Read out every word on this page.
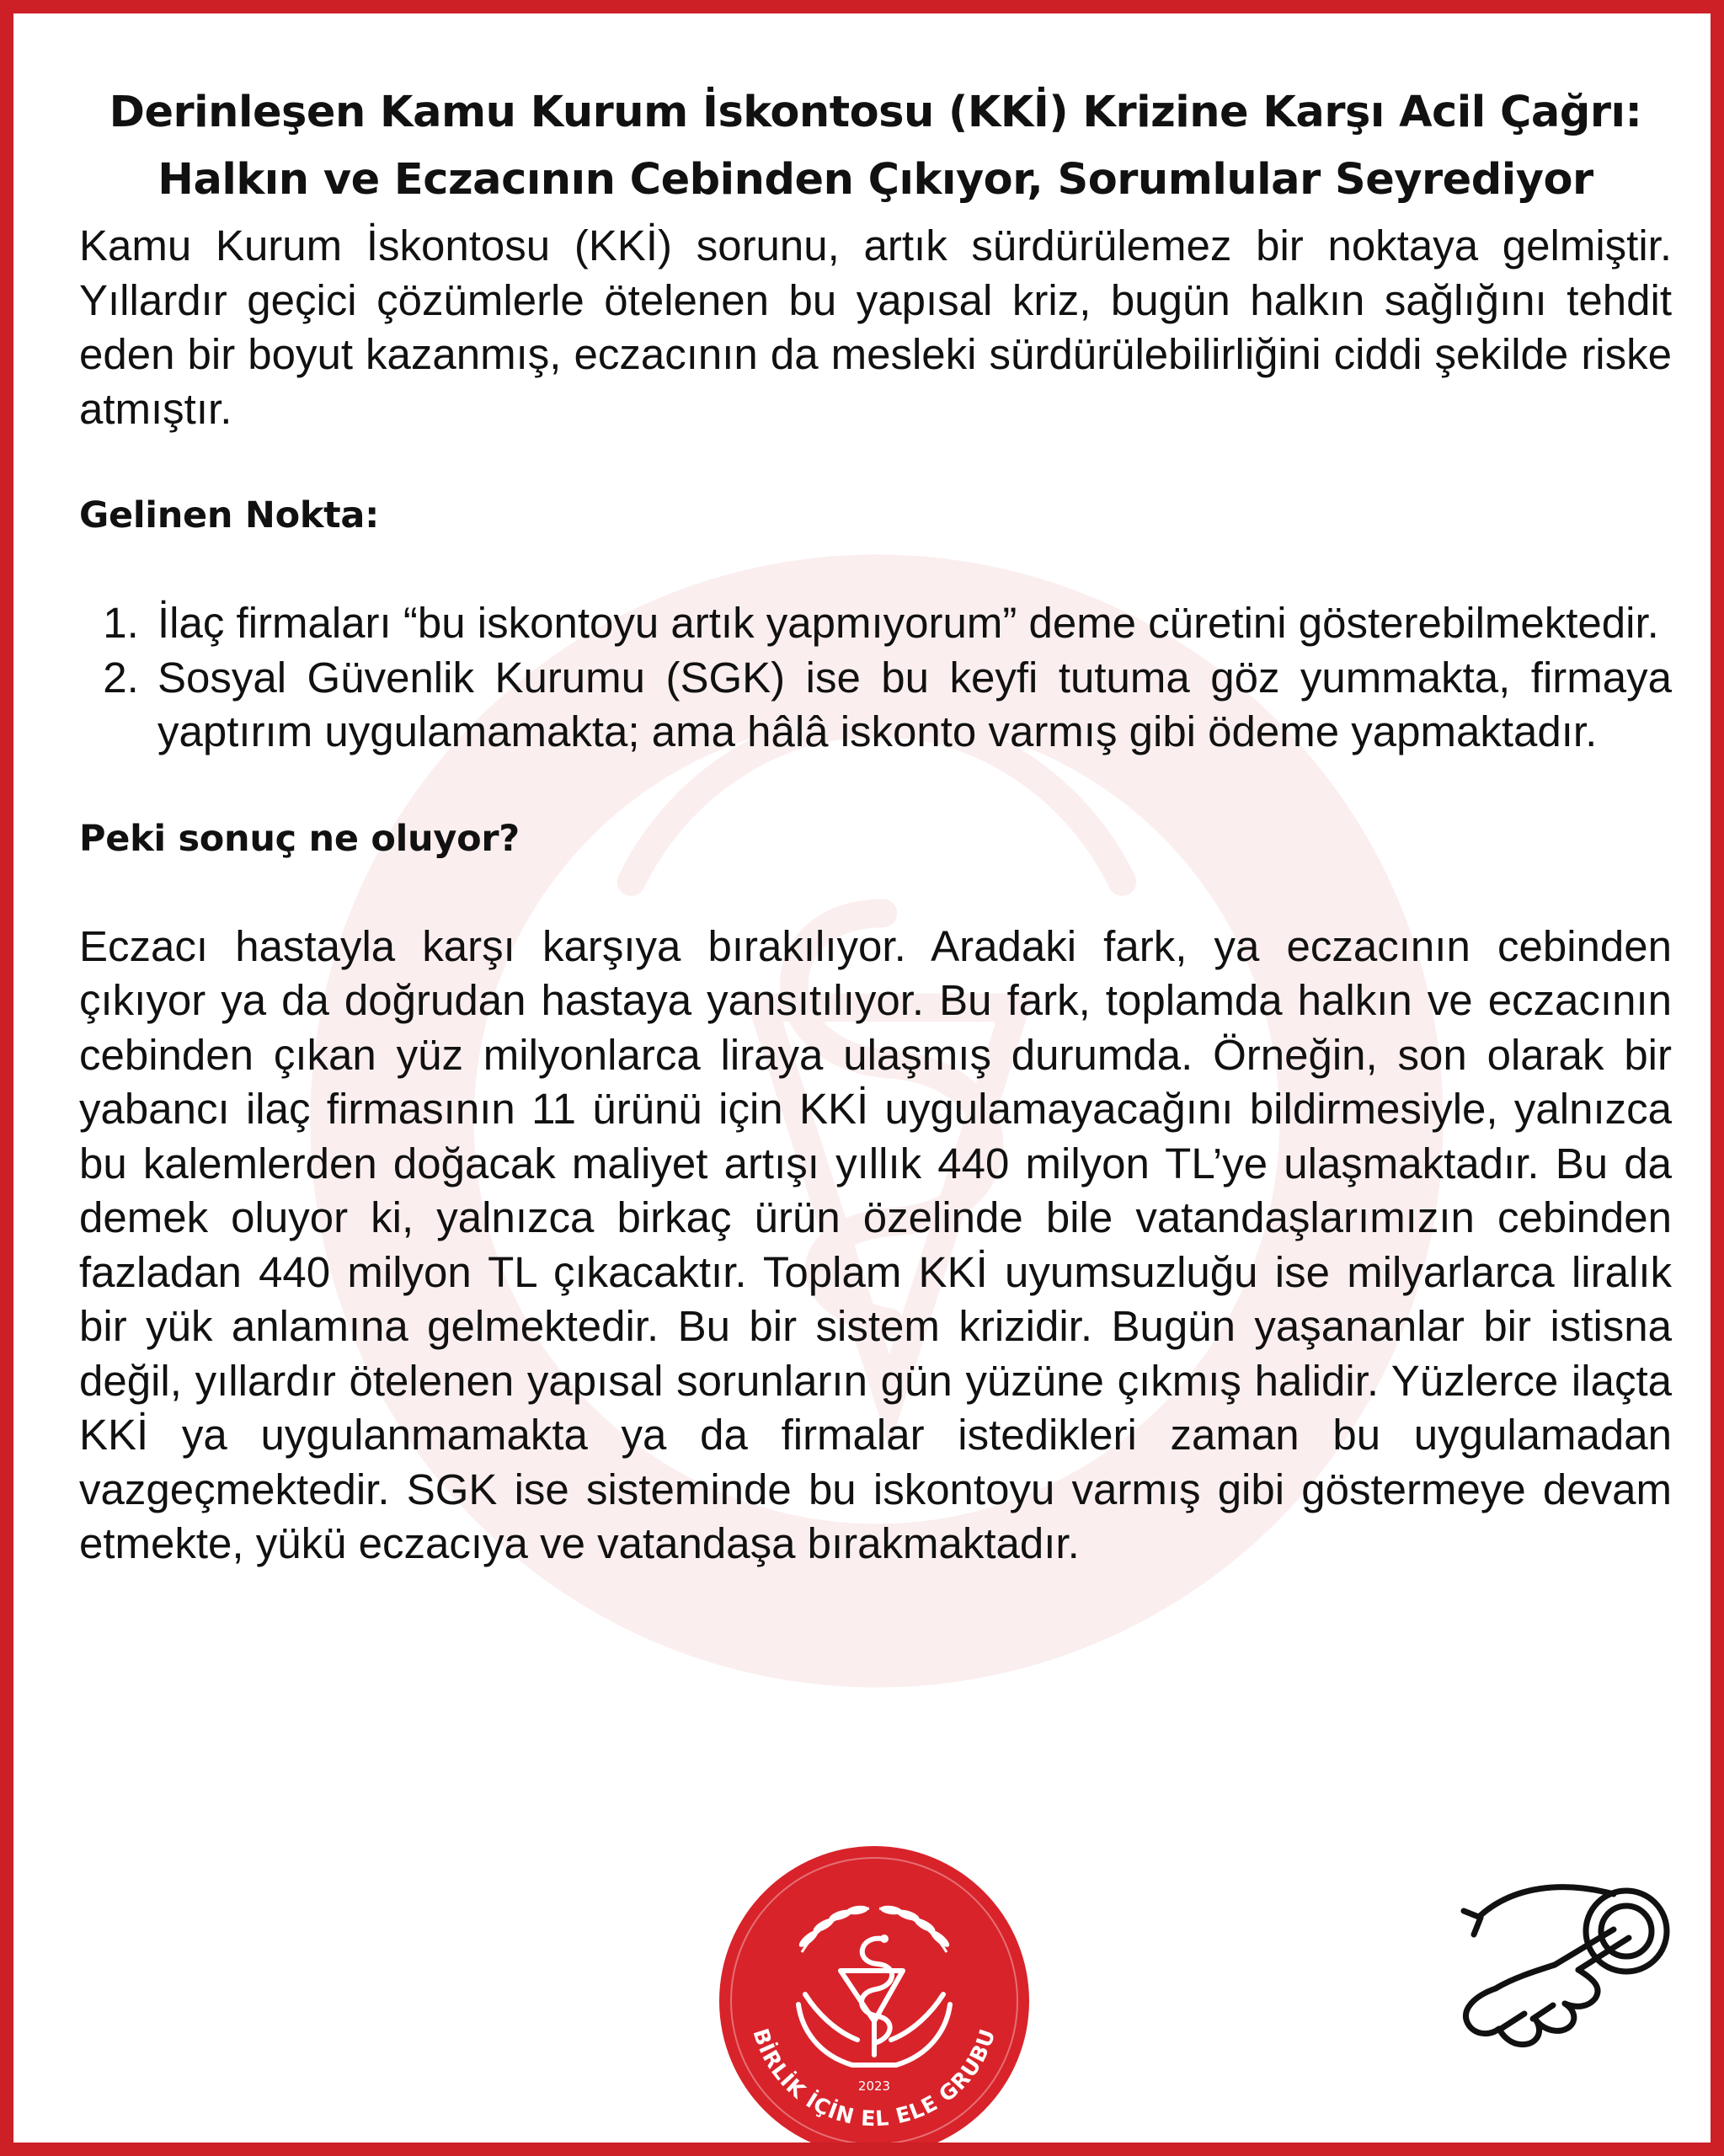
Derinleşen Kamu Kurum İskontosu (KKİ) Krizine Karşı Acil Çağrı:
Halkın ve Eczacının Cebinden Çıkıyor, Sorumlular Seyrediyor

Kamu Kurum İskontosu (KKİ) sorunu, artık sürdürülemez bir noktaya gelmiştir. Yıllardır geçici çözümlerle ötelenen bu yapısal kriz, bugün halkın sağlığını tehdit eden bir boyut kazanmış, eczacının da mesleki sürdürülebilirliğini ciddi şekilde riske atmıştır.

Gelinen Nokta:
1. İlaç firmaları “bu iskontoyu artık yapmıyorum” deme cüretini gösterebilmektedir.
2. Sosyal Güvenlik Kurumu (SGK) ise bu keyfi tutuma göz yummakta, firmaya yaptırım uygulamamakta; ama hâlâ iskonto varmış gibi ödeme yapmaktadır.
Peki sonuç ne oluyor?

Eczacı hastayla karşı karşıya bırakılıyor. Aradaki fark, ya eczacının cebinden çıkıyor ya da doğrudan hastaya yansıtılıyor. Bu fark, toplamda halkın ve eczacının cebinden çıkan yüz milyonlarca liraya ulaşmış durumda. Örneğin, son olarak bir yabancı ilaç firmasının 11 ürünü için KKİ uygulamayacağını bildirmesiyle, yalnızca bu kalemlerden doğacak maliyet artışı yıllık 440 milyon TL’ye ulaşmaktadır. Bu da demek oluyor ki, yalnızca birkaç ürün özelinde bile vatandaşlarımızın cebinden fazladan 440 milyon TL çıkacaktır. Toplam KKİ uyumsuzluğu ise milyarlarca liralık bir yük anlamına gelmektedir. Bu bir sistem krizidir. Bugün yaşananlar bir istisna değil, yıllardır ötelenen yapısal sorunların gün yüzüne çıkmış halidir. Yüzlerce ilaçta KKİ ya uygulanmamakta ya da firmalar istedikleri zaman bu uygulamadan vazgeçmektedir. SGK ise sisteminde bu iskontoyu varmış gibi göstermeye devam etmekte, yükü eczacıya ve vatandaşa bırakmaktadır.

2023
BİRLİK İÇİN EL ELE GRUBU
